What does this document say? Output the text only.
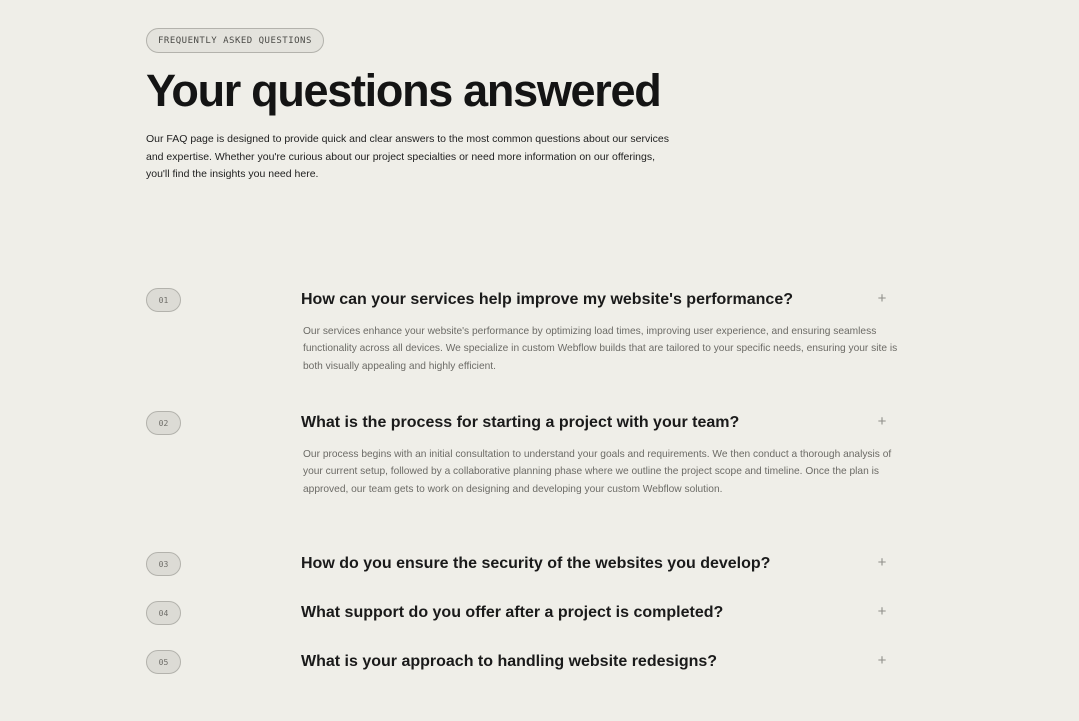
FREQUENTLY ASKED QUESTIONS
Your questions answered

Our FAQ page is designed to provide quick and clear answers to the most common questions about our services and expertise. Whether you're curious about our project specialties or need more information on our offerings, you'll find the insights you need here.

01	How can your services help improve my website's performance?	+
Our services enhance your website's performance by optimizing load times, improving user experience, and ensuring seamless functionality across all devices. We specialize in custom Webflow builds that are tailored to your specific needs, ensuring your site is both visually appealing and highly efficient.
02	What is the process for starting a project with your team?	+
Our process begins with an initial consultation to understand your goals and requirements. We then conduct a thorough analysis of your current setup, followed by a collaborative planning phase where we outline the project scope and timeline. Once the plan is approved, our team gets to work on designing and developing your custom Webflow solution.
03	How do you ensure the security of the websites you develop?	+
04	What support do you offer after a project is completed?	+
05	What is your approach to handling website redesigns?	+
